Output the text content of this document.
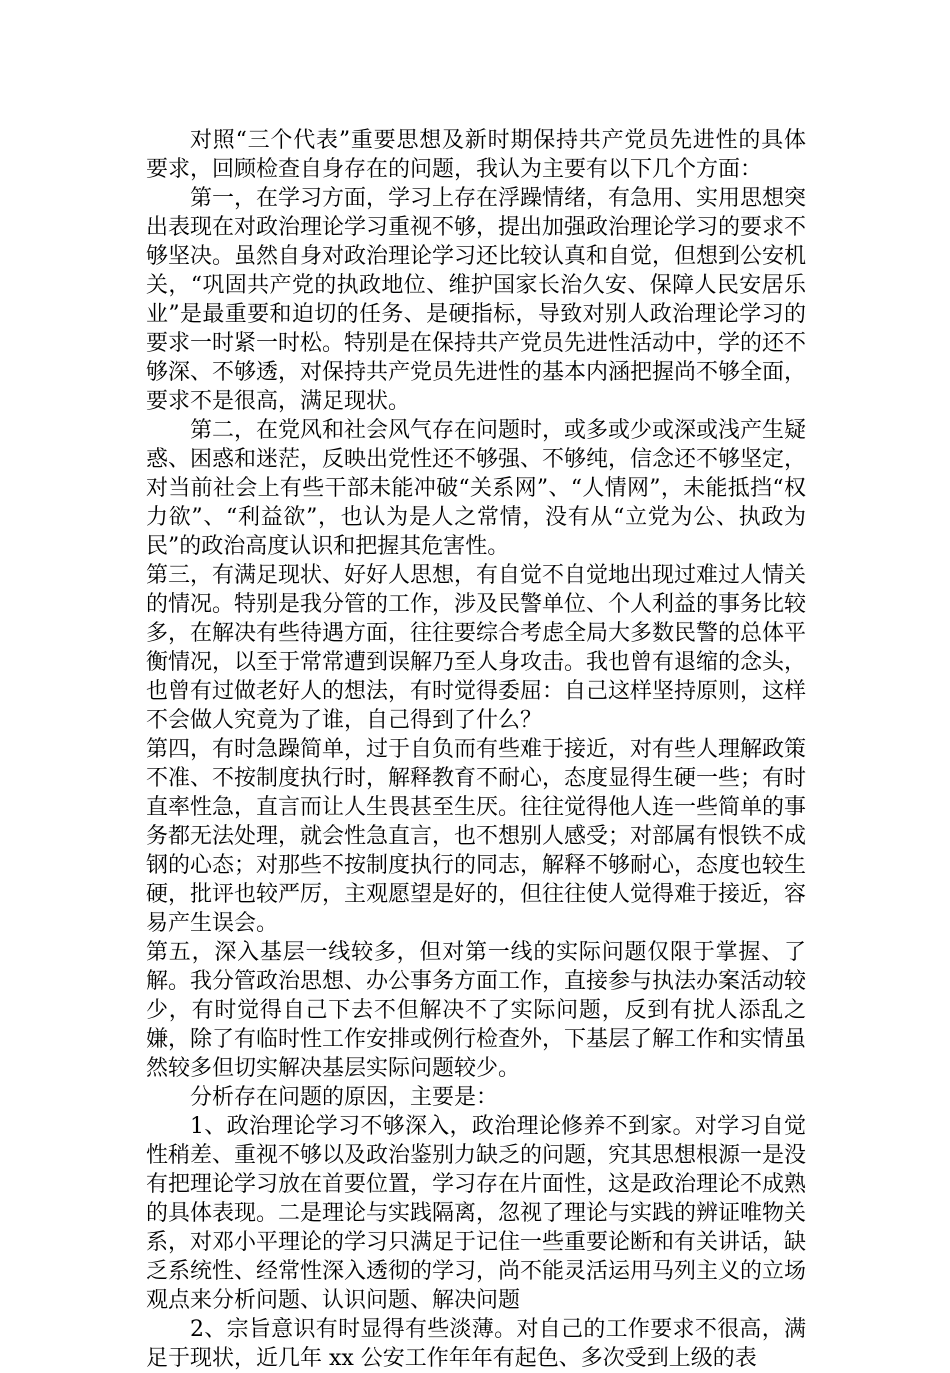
对照“三个代表”重要思想及新时期保持共产党员先进性的具体要求，回顾检查自身存在的问题，我认为主要有以下几个方面：

第一，在学习方面，学习上存在浮躁情绪，有急用、实用思想突出表现在对政治理论学习重视不够，提出加强政治理论学习的要求不够坚决。虽然自身对政治理论学习还比较认真和自觉，但想到公安机关，“巩固共产党的执政地位、维护国家长治久安、保障人民安居乐业”是最重要和迫切的任务、是硬指标，导致对别人政治理论学习的要求一时紧一时松。特别是在保持共产党员先进性活动中，学的还不够深、不够透，对保持共产党员先进性的基本内涵把握尚不够全面，要求不是很高，满足现状。

第二，在党风和社会风气存在问题时，或多或少或深或浅产生疑惑、困惑和迷茫，反映出党性还不够强、不够纯，信念还不够坚定，对当前社会上有些干部未能冲破“关系网”、“人情网”，未能抵挡“权力欲”、“利益欲”，也认为是人之常情，没有从“立党为公、执政为民”的政治高度认识和把握其危害性。

第三，有满足现状、好好人思想，有自觉不自觉地出现过难过人情关的情况。特别是我分管的工作，涉及民警单位、个人利益的事务比较多，在解决有些待遇方面，往往要综合考虑全局大多数民警的总体平衡情况，以至于常常遭到误解乃至人身攻击。我也曾有退缩的念头，也曾有过做老好人的想法，有时觉得委屈：自己这样坚持原则，这样不会做人究竟为了谁，自己得到了什么？

第四，有时急躁简单，过于自负而有些难于接近，对有些人理解政策不准、不按制度执行时，解释教育不耐心，态度显得生硬一些；有时直率性急，直言而让人生畏甚至生厌。往往觉得他人连一些简单的事务都无法处理，就会性急直言，也不想别人感受；对部属有恨铁不成钢的心态；对那些不按制度执行的同志，解释不够耐心，态度也较生硬，批评也较严厉，主观愿望是好的，但往往使人觉得难于接近，容易产生误会。

第五，深入基层一线较多，但对第一线的实际问题仅限于掌握、了解。我分管政治思想、办公事务方面工作，直接参与执法办案活动较少，有时觉得自己下去不但解决不了实际问题，反到有扰人添乱之嫌，除了有临时性工作安排或例行检查外，下基层了解工作和实情虽然较多但切实解决基层实际问题较少。

分析存在问题的原因，主要是：

1、政治理论学习不够深入，政治理论修养不到家。对学习自觉性稍差、重视不够以及政治鉴别力缺乏的问题，究其思想根源一是没有把理论学习放在首要位置，学习存在片面性，这是政治理论不成熟的具体表现。二是理论与实践隔离，忽视了理论与实践的辨证唯物关系，对邓小平理论的学习只满足于记住一些重要论断和有关讲话，缺乏系统性、经常性深入透彻的学习，尚不能灵活运用马列主义的立场观点来分析问题、认识问题、解决问题

2、宗旨意识有时显得有些淡薄。对自己的工作要求不很高，满足于现状，近几年 xx 公安工作年年有起色、多次受到上级的表
